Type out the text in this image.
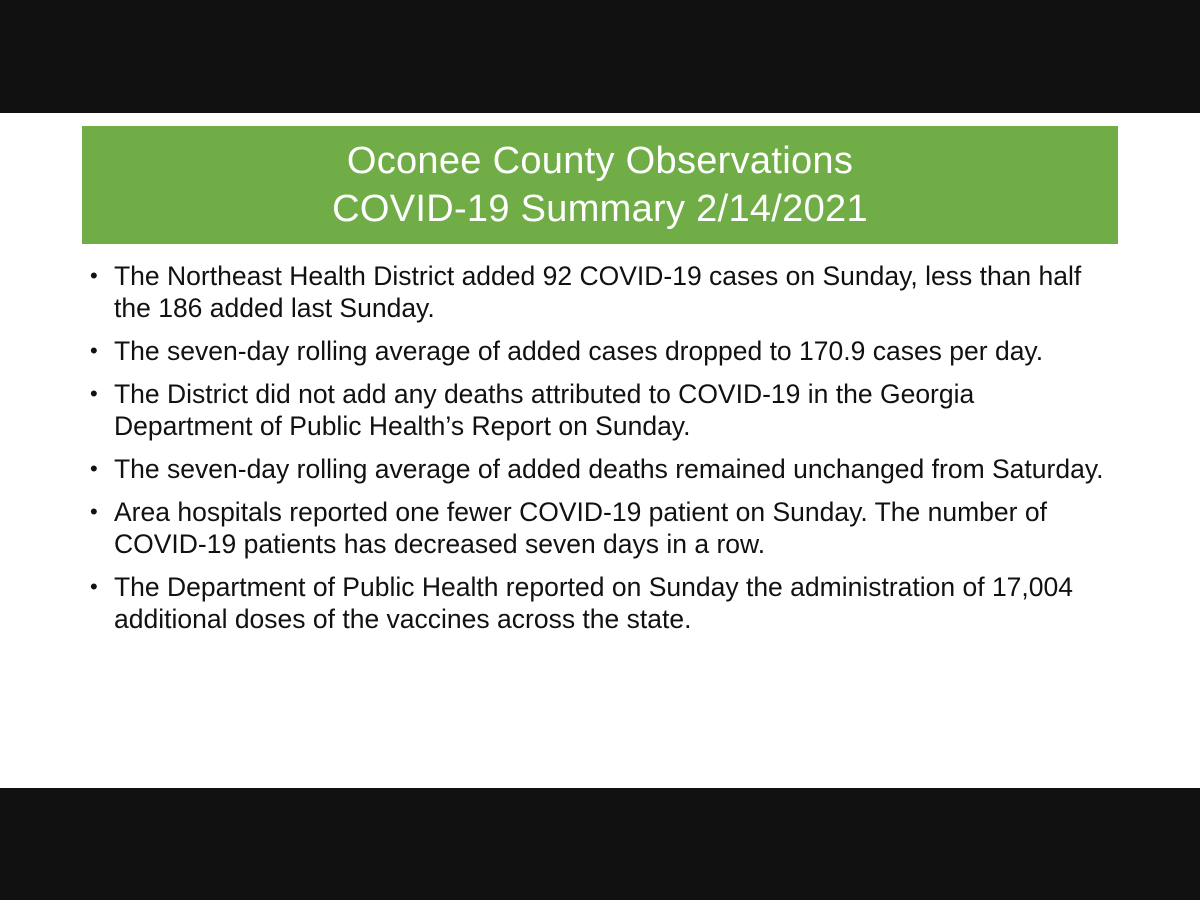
Oconee County Observations
COVID-19 Summary 2/14/2021
• The Northeast Health District added 92 COVID-19 cases on Sunday, less than half the 186 added last Sunday.
• The seven-day rolling average of added cases dropped to 170.9 cases per day.
• The District did not add any deaths attributed to COVID-19 in the Georgia Department of Public Health’s Report on Sunday.
• The seven-day rolling average of added deaths remained unchanged from Saturday.
• Area hospitals reported one fewer COVID-19 patient on Sunday. The number of COVID-19 patients has decreased seven days in a row.
• The Department of Public Health reported on Sunday the administration of 17,004 additional doses of the vaccines across the state.
